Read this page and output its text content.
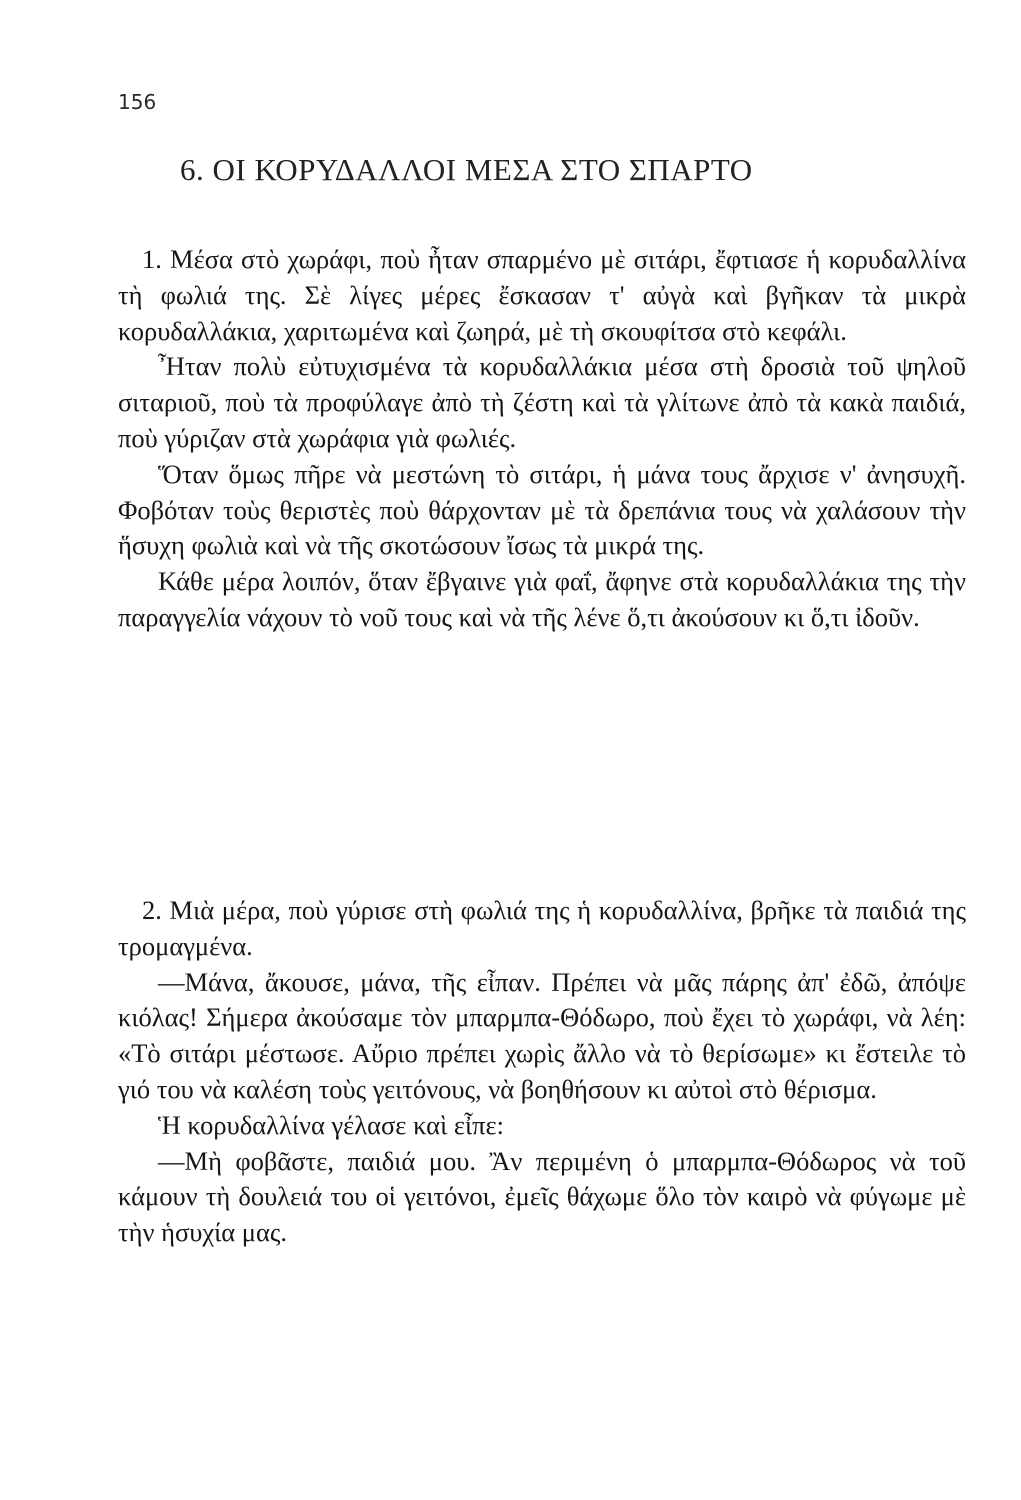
156
6. ΟΙ ΚΟΡΥΔΑΛΛΟΙ ΜΕΣΑ ΣΤΟ ΣΠΑΡΤΟ

1. Μέσα στὸ χωράφι, ποὺ ἦταν σπαρμένο μὲ σιτάρι, ἔφτιασε ἡ κορυδαλλίνα τὴ φωλιά της. Σὲ λίγες μέρες ἔσκασαν τ' αὐγὰ καὶ βγῆκαν τὰ μικρὰ κορυδαλλάκια, χαριτωμένα καὶ ζωηρά, μὲ τὴ σκουφίτσα στὸ κεφάλι.

Ἦταν πολὺ εὐτυχισμένα τὰ κορυδαλλάκια μέσα στὴ δροσιὰ τοῦ ψηλοῦ σιταριοῦ, ποὺ τὰ προφύλαγε ἀπὸ τὴ ζέστη καὶ τὰ γλίτωνε ἀπὸ τὰ κακὰ παιδιά, ποὺ γύριζαν στὰ χωράφια γιὰ φωλιές.

Ὅταν ὅμως πῆρε νὰ μεστώνη τὸ σιτάρι, ἡ μάνα τους ἄρχισε ν' ἀνησυχῆ. Φοβόταν τοὺς θεριστὲς ποὺ θάρχονταν μὲ τὰ δρεπάνια τους νὰ χαλάσουν τὴν ἥσυχη φωλιὰ καὶ νὰ τῆς σκοτώσουν ἴσως τὰ μικρά της.

Κάθε μέρα λοιπόν, ὅταν ἔβγαινε γιὰ φαΐ, ἄφηνε στὰ κορυδαλλάκια της τὴν παραγγελία νάχουν τὸ νοῦ τους καὶ νὰ τῆς λένε ὅ,τι ἀκούσουν κι ὅ,τι ἰδοῦν.

2. Μιὰ μέρα, ποὺ γύρισε στὴ φωλιά της ἡ κορυδαλλίνα, βρῆκε τὰ παιδιά της τρομαγμένα.

—Μάνα, ἄκουσε, μάνα, τῆς εἶπαν. Πρέπει νὰ μᾶς πάρης ἀπ' ἐδῶ, ἀπόψε κιόλας! Σήμερα ἀκούσαμε τὸν μπαρμπα-Θόδωρο, ποὺ ἔχει τὸ χωράφι, νὰ λέη: «Τὸ σιτάρι μέστωσε. Αὔριο πρέπει χωρὶς ἄλλο νὰ τὸ θερίσωμε» κι ἔστειλε τὸ γιό του νὰ καλέση τοὺς γειτόνους, νὰ βοηθήσουν κι αὐτοὶ στὸ θέρισμα.

Ἡ κορυδαλλίνα γέλασε καὶ εἶπε:

—Μὴ φοβᾶστε, παιδιά μου. Ἂν περιμένη ὁ μπαρμπα-Θόδωρος νὰ τοῦ κάμουν τὴ δουλειά του οἱ γειτόνοι, ἐμεῖς θάχωμε ὅλο τὸν καιρὸ νὰ φύγωμε μὲ τὴν ἡσυχία μας.
